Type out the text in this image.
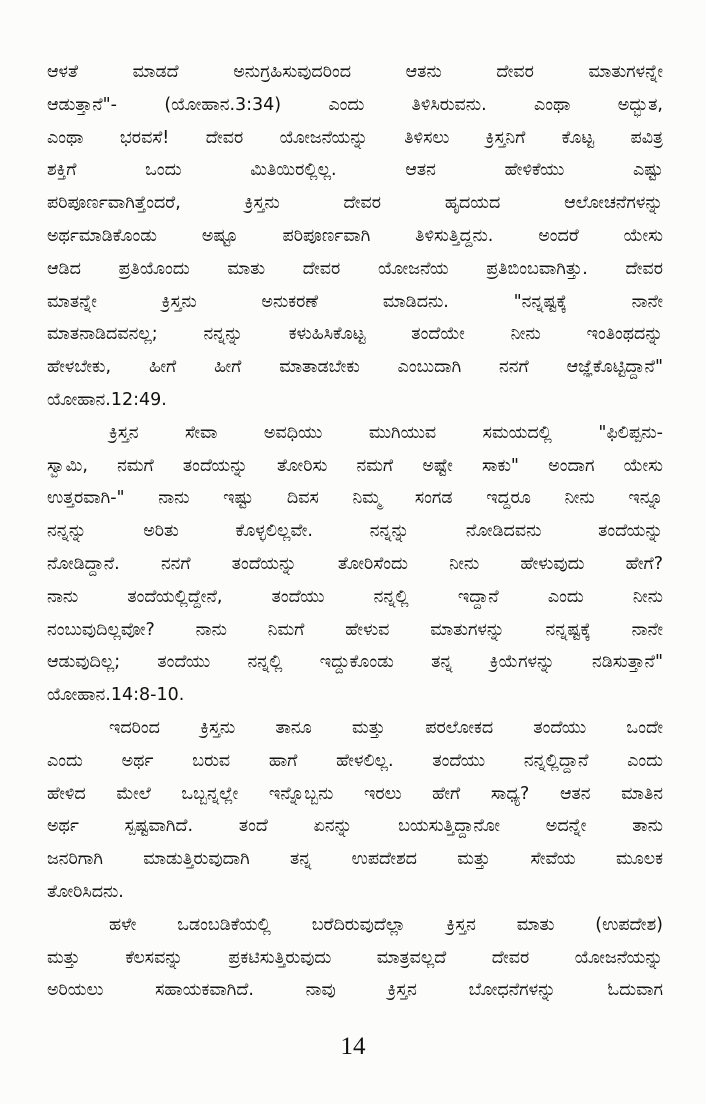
ಆಳತೆ ಮಾಡದೆ ಅನುಗ್ರಹಿಸುವುದರಿಂದ ಆತನು ದೇವರ ಮಾತುಗಳನ್ನೇ
ಆಡುತ್ತಾನೆ"- (ಯೋಹಾನ.3:34) ಎಂದು ತಿಳಿಸಿರುವನು. ಎಂಥಾ ಅದ್ಭುತ,
ಎಂಥಾ ಭರವಸೆ! ದೇವರ ಯೋಜನೆಯನ್ನು ತಿಳಿಸಲು ಕ್ರಿಸ್ತನಿಗೆ ಕೊಟ್ಟ ಪವಿತ್ರ
ಶಕ್ತಿಗೆ ಒಂದು ಮಿತಿಯಿರಲ್ಲಿಲ್ಲ. ಆತನ ಹೇಳಿಕೆಯು ಎಷ್ಟು
ಪರಿಪೂರ್ಣವಾಗಿತ್ತೆಂದರೆ, ಕ್ರಿಸ್ತನು ದೇವರ ಹೃದಯದ ಆಲೋಚನೆಗಳನ್ನು
ಅರ್ಥಮಾಡಿಕೊಂಡು ಅಷ್ಟೂ ಪರಿಪೂರ್ಣವಾಗಿ ತಿಳಿಸುತ್ತಿದ್ದನು. ಅಂದರೆ ಯೇಸು
ಆಡಿದ ಪ್ರತಿಯೊಂದು ಮಾತು ದೇವರ ಯೋಜನೆಯ ಪ್ರತಿಬಿಂಬವಾಗಿತ್ತು. ದೇವರ
ಮಾತನ್ನೇ ಕ್ರಿಸ್ತನು ಅನುಕರಣೆ ಮಾಡಿದನು. "ನನ್ನಷ್ಟಕ್ಕೆ ನಾನೇ
ಮಾತನಾಡಿದವನಲ್ಲ; ನನ್ನನ್ನು ಕಳುಹಿಸಿಕೊಟ್ಟ ತಂದೆಯೇ ನೀನು ಇಂತಿಂಥದನ್ನು
ಹೇಳಬೇಕು, ಹೀಗೆ ಹೀಗೆ ಮಾತಾಡಬೇಕು ಎಂಬುದಾಗಿ ನನಗೆ ಆಜ್ಞೆಕೊಟ್ಟಿದ್ದಾನೆ"
ಯೋಹಾನ.12:49.
ಕ್ರಿಸ್ತನ ಸೇವಾ ಅವಧಿಯು ಮುಗಿಯುವ ಸಮಯದಲ್ಲಿ "ಫಿಲಿಪ್ಪನು-
ಸ್ವಾಮಿ, ನಮಗೆ ತಂದೆಯನ್ನು ತೋರಿಸು ನಮಗೆ ಅಷ್ಟೇ ಸಾಕು" ಅಂದಾಗ ಯೇಸು
ಉತ್ತರವಾಗಿ-" ನಾನು ಇಷ್ಟು ದಿವಸ ನಿಮ್ಮ ಸಂಗಡ ಇದ್ದರೂ ನೀನು ಇನ್ನೂ
ನನ್ನನ್ನು ಅರಿತು ಕೊಳ್ಳಲಿಲ್ಲವೇ. ನನ್ನನ್ನು ನೋಡಿದವನು ತಂದೆಯನ್ನು
ನೋಡಿದ್ದಾನೆ. ನನಗೆ ತಂದೆಯನ್ನು ತೋರಿಸೆಂದು ನೀನು ಹೇಳುವುದು ಹೇಗೆ?
ನಾನು ತಂದೆಯಲ್ಲಿದ್ದೇನೆ, ತಂದೆಯು ನನ್ನಲ್ಲಿ ಇದ್ದಾನೆ ಎಂದು ನೀನು
ನಂಬುವುದಿಲ್ಲವೋ? ನಾನು ನಿಮಗೆ ಹೇಳುವ ಮಾತುಗಳನ್ನು ನನ್ನಷ್ಟಕ್ಕೆ ನಾನೇ
ಆಡುವುದಿಲ್ಲ; ತಂದೆಯು ನನ್ನಲ್ಲಿ ಇದ್ದುಕೊಂಡು ತನ್ನ ಕ್ರಿಯೆಗಳನ್ನು ನಡಿಸುತ್ತಾನೆ"
ಯೋಹಾನ.14:8-10.
ಇದರಿಂದ ಕ್ರಿಸ್ತನು ತಾನೂ ಮತ್ತು ಪರಲೋಕದ ತಂದೆಯು ಒಂದೇ
ಎಂದು ಅರ್ಥ ಬರುವ ಹಾಗೆ ಹೇಳಲಿಲ್ಲ. ತಂದೆಯು ನನ್ನಲ್ಲಿದ್ದಾನೆ ಎಂದು
ಹೇಳಿದ ಮೇಲೆ ಒಬ್ಬನ್ನಲ್ಲೇ ಇನ್ನೊಬ್ಬನು ಇರಲು ಹೇಗೆ ಸಾಧ್ಯ? ಆತನ ಮಾತಿನ
ಅರ್ಥ ಸ್ಪಷ್ಟವಾಗಿದೆ. ತಂದೆ ಏನನ್ನು ಬಯಸುತ್ತಿದ್ದಾನೋ ಅದನ್ನೇ ತಾನು
ಜನರಿಗಾಗಿ ಮಾಡುತ್ತಿರುವುದಾಗಿ ತನ್ನ ಉಪದೇಶದ ಮತ್ತು ಸೇವೆಯ ಮೂಲಕ
ತೋರಿಸಿದನು.
ಹಳೇ ಒಡಂಬಡಿಕೆಯಲ್ಲಿ ಬರೆದಿರುವುದೆಲ್ಲಾ ಕ್ರಿಸ್ತನ ಮಾತು (ಉಪದೇಶ)
ಮತ್ತು ಕೆಲಸವನ್ನು ಪ್ರಕಟಿಸುತ್ತಿರುವುದು ಮಾತ್ರವಲ್ಲದೆ ದೇವರ ಯೋಜನೆಯನ್ನು
ಅರಿಯಲು ಸಹಾಯಕವಾಗಿದೆ. ನಾವು ಕ್ರಿಸ್ತನ ಬೋಧನೆಗಳನ್ನು ಓದುವಾಗ
14
